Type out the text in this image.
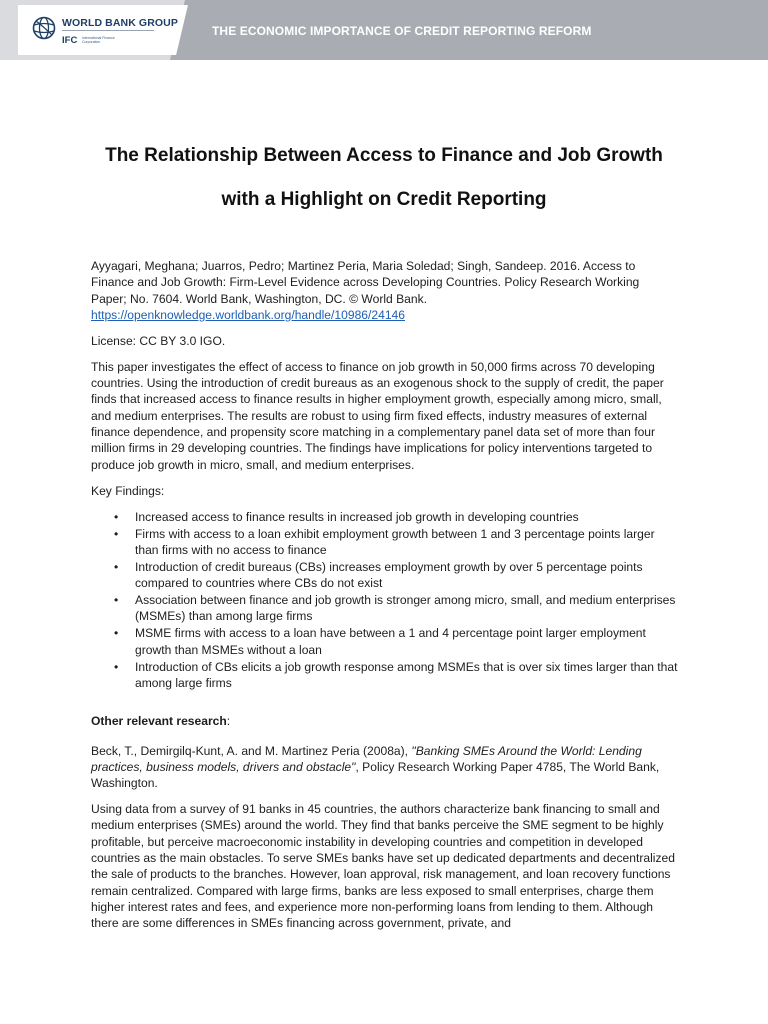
WORLD BANK GROUP
IFC International Finance Corporation
THE ECONOMIC IMPORTANCE OF CREDIT REPORTING REFORM
The Relationship Between Access to Finance and Job Growth
with a Highlight on Credit Reporting

Ayyagari, Meghana; Juarros, Pedro; Martinez Peria, Maria Soledad; Singh, Sandeep. 2016. Access to Finance and Job Growth: Firm-Level Evidence across Developing Countries. Policy Research Working Paper; No. 7604. World Bank, Washington, DC. © World Bank.
https://openknowledge.worldbank.org/handle/10986/24146

License: CC BY 3.0 IGO.

This paper investigates the effect of access to finance on job growth in 50,000 firms across 70 developing countries. Using the introduction of credit bureaus as an exogenous shock to the supply of credit, the paper finds that increased access to finance results in higher employment growth, especially among micro, small, and medium enterprises. The results are robust to using firm fixed effects, industry measures of external finance dependence, and propensity score matching in a complementary panel data set of more than four million firms in 29 developing countries. The findings have implications for policy interventions targeted to produce job growth in micro, small, and medium enterprises.

Key Findings:

• Increased access to finance results in increased job growth in developing countries
• Firms with access to a loan exhibit employment growth between 1 and 3 percentage points larger than firms with no access to finance
• Introduction of credit bureaus (CBs) increases employment growth by over 5 percentage points compared to countries where CBs do not exist
• Association between finance and job growth is stronger among micro, small, and medium enterprises (MSMEs) than among large firms
• MSME firms with access to a loan have between a 1 and 4 percentage point larger employment growth than MSMEs without a loan
• Introduction of CBs elicits a job growth response among MSMEs that is over six times larger than that among large firms

Other relevant research:

Beck, T., Demirgilq-Kunt, A. and M. Martinez Peria (2008a), "Banking SMEs Around the World: Lending practices, business models, drivers and obstacle", Policy Research Working Paper 4785, The World Bank, Washington.

Using data from a survey of 91 banks in 45 countries, the authors characterize bank financing to small and medium enterprises (SMEs) around the world. They find that banks perceive the SME segment to be highly profitable, but perceive macroeconomic instability in developing countries and competition in developed countries as the main obstacles. To serve SMEs banks have set up dedicated departments and decentralized the sale of products to the branches. However, loan approval, risk management, and loan recovery functions remain centralized. Compared with large firms, banks are less exposed to small enterprises, charge them higher interest rates and fees, and experience more non-performing loans from lending to them. Although there are some differences in SMEs financing across government, private, and
